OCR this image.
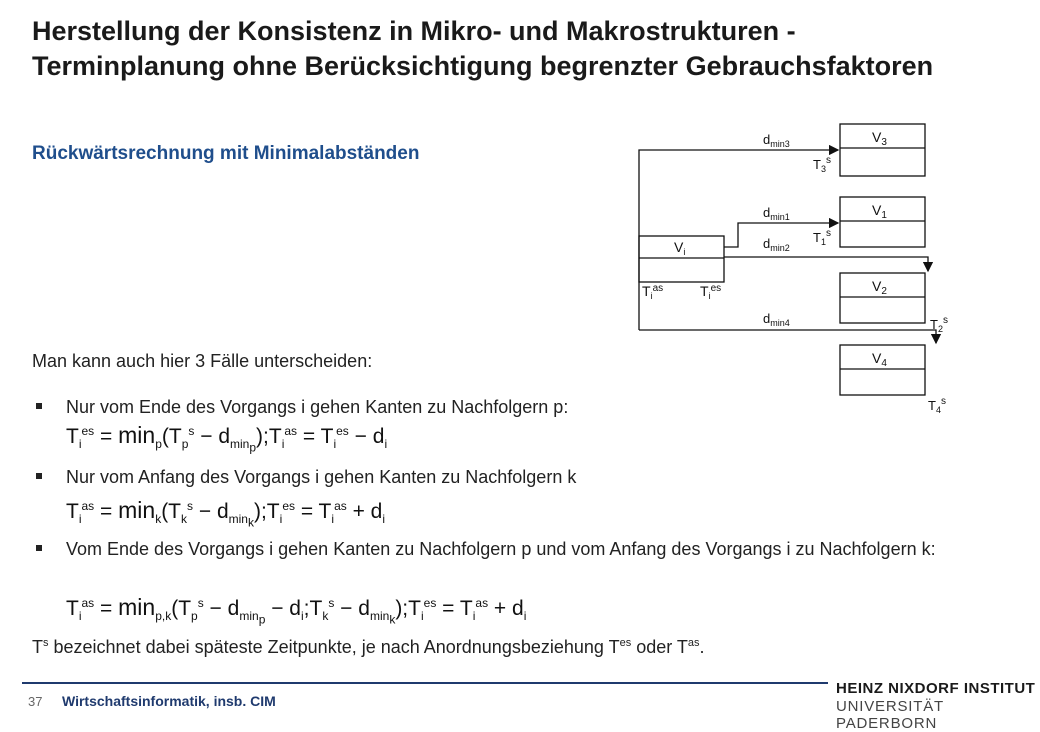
Herstellung der Konsistenz in Mikro- und Makrostrukturen - Terminplanung ohne Berücksichtigung begrenzter Gebrauchsfaktoren
Rückwärtsrechnung mit Minimalabständen
$V_i$
$T_i^{as}$	$T_i^{es}$
$V_3$
$V_1$
$V_2$
$V_4$
$d_{min3}$
$d_{min1}$
$d_{min2}$
$d_{min4}$
$T_3^s$
$T_1^s$
$T_2^s$
$T_4^s$
Man kann auch hier 3 Fälle unterscheiden:
Nur vom Ende des Vorgangs i gehen Kanten zu Nachfolgern p:
$T_i^{es} = \min_p(T_p^s$ − $d_{min_p});T_i^{as} = T_i^{es} - d_i$
Nur vom Anfang des Vorgangs i gehen Kanten zu Nachfolgern k
$T_i^{as} = \min_k(T_k^s$ − $d_{min_k});T_i^{es} = T_i^{as} + d_i$
Vom Ende des Vorgangs i gehen Kanten zu Nachfolgern p und vom Anfang des Vorgangs i zu Nachfolgern k:
$T_i^{as} = \min_{p,k}(T_p^s - d_{min_p}$ − $d_i;T_k^s$ − $d_{min_k});T_i^{es} = T_i^{as} + d_i$
$T^s$ bezeichnet dabei späteste Zeitpunkte, je nach Anordnungsbeziehung $T^{es}$ oder $T^{as}$.
37 Wirtschaftsinformatik, insb. CIM
HEINZ NIXDORF INSTITUT
UNIVERSITÄT PADERBORN
